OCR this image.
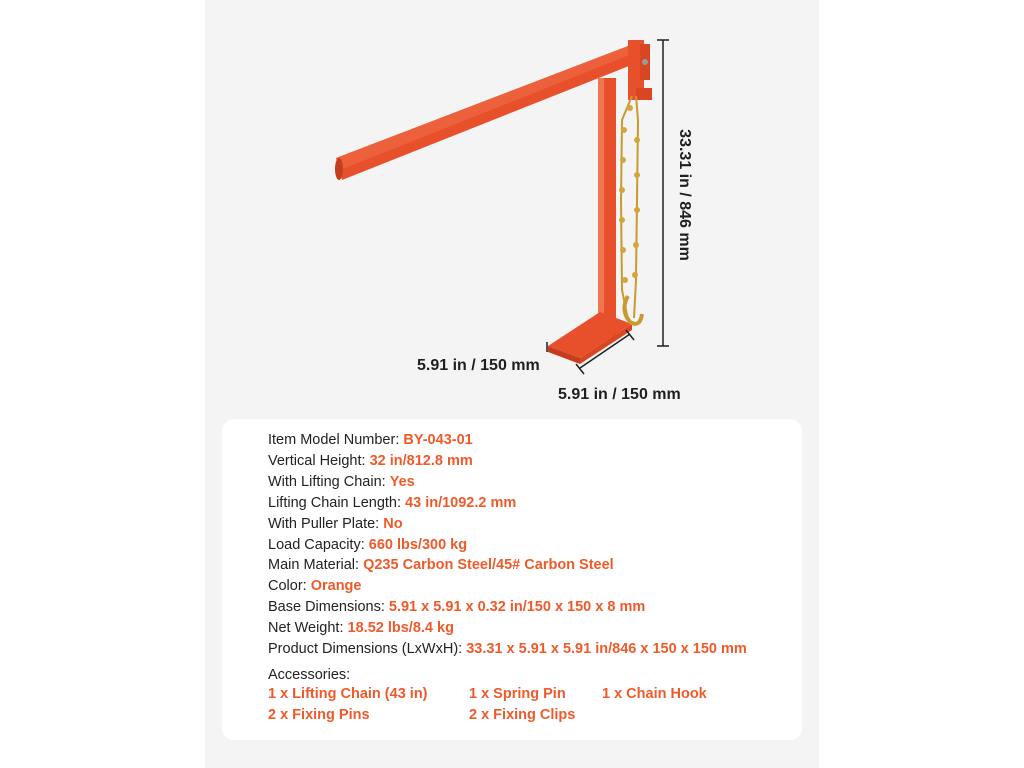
5.91 in / 150 mm
5.91 in / 150 mm
33.31 in / 846 mm
Item Model Number: BY-043-01
Vertical Height: 32 in/812.8 mm
With Lifting Chain: Yes
Lifting Chain Length: 43 in/1092.2 mm
With Puller Plate: No
Load Capacity: 660 lbs/300 kg
Main Material: Q235 Carbon Steel/45# Carbon Steel
Color: Orange
Base Dimensions: 5.91 x 5.91 x 0.32 in/150 x 150 x 8 mm
Net Weight: 18.52 lbs/8.4 kg
Product Dimensions (LxWxH): 33.31 x 5.91 x 5.91 in/846 x 150 x 150 mm
Accessories:
1 x Lifting Chain (43 in)	1 x Spring Pin	1 x Chain Hook
2 x Fixing Pins	2 x Fixing Clips
